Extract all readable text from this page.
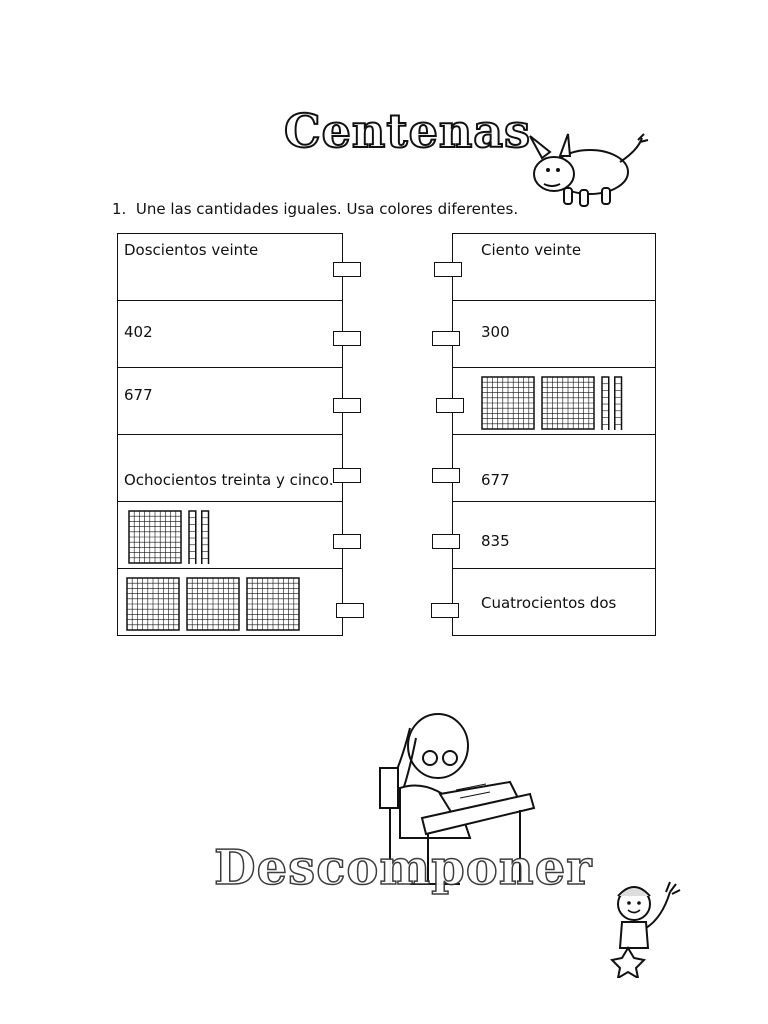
Centenas
1. Une las cantidades iguales. Usa colores diferentes.
Doscientos veinte
402
677
Ochocientos treinta y cinco.
Ciento veinte
300
677
835
Cuatrocientos dos
Descomponer
